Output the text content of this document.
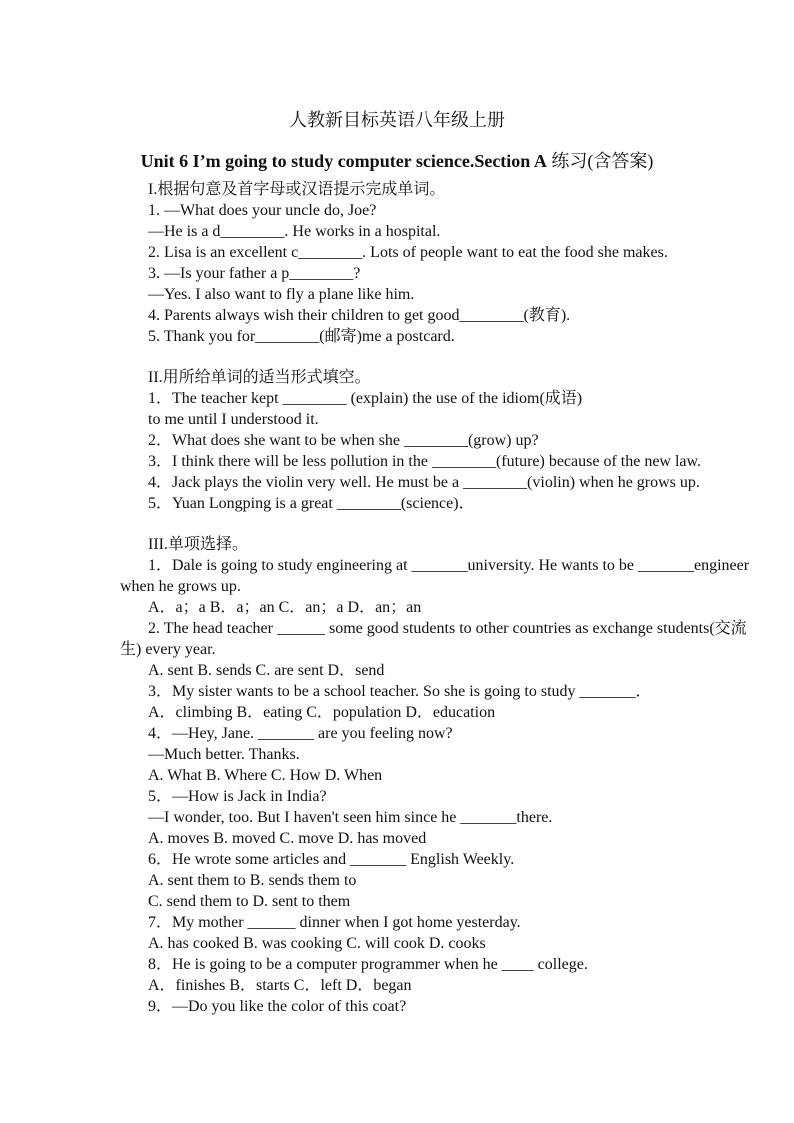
人教新目标英语八年级上册
Unit 6 I’m going to study computer science.Section A 练习(含答案)
I.根据句意及首字母或汉语提示完成单词。
1. —What does your uncle do, Joe?
—He is a d________. He works in a hospital.
2. Lisa is an excellent c________. Lots of people want to eat the food she makes.
3. —Is your father a p________?
—Yes. I also want to fly a plane like him.
4. Parents always wish their children to get good________(教育).
5. Thank you for________(邮寄)me a postcard.
II.用所给单词的适当形式填空。
1．The teacher kept ________ (explain) the use of the idiom(成语)
to me until I understood it.
2．What does she want to be when she ________(grow) up?
3．I think there will be less pollution in the ________(future) because of the new law.
4．Jack plays the violin very well. He must be a ________(violin) when he grows up.
5．Yuan Longping is a great ________(science)．
III.单项选择。
1．Dale is going to study engineering at _______university. He wants to be _______engineer
when he grows up.
A．a；a B．a；an C．an；a D．an；an
2. The head teacher ______ some good students to other countries as exchange students(交流
生) every year.
A. sent B. sends C. are sent D．send
3．My sister wants to be a school teacher. So she is going to study _______．
A．climbing B．eating C．population D．education
4．—Hey, Jane. _______ are you feeling now?
—Much better. Thanks.
A. What B. Where C. How D. When
5．—How is Jack in India?
—I wonder, too. But I haven't seen him since he _______there.
A. moves B. moved C. move D. has moved
6．He wrote some articles and _______ English Weekly.
A. sent them to B. sends them to
C. send them to D. sent to them
7．My mother ______ dinner when I got home yesterday.
A. has cooked B. was cooking C. will cook D. cooks
8．He is going to be a computer programmer when he ____ college.
A．finishes B．starts C．left D．began
9．—Do you like the color of this coat?
